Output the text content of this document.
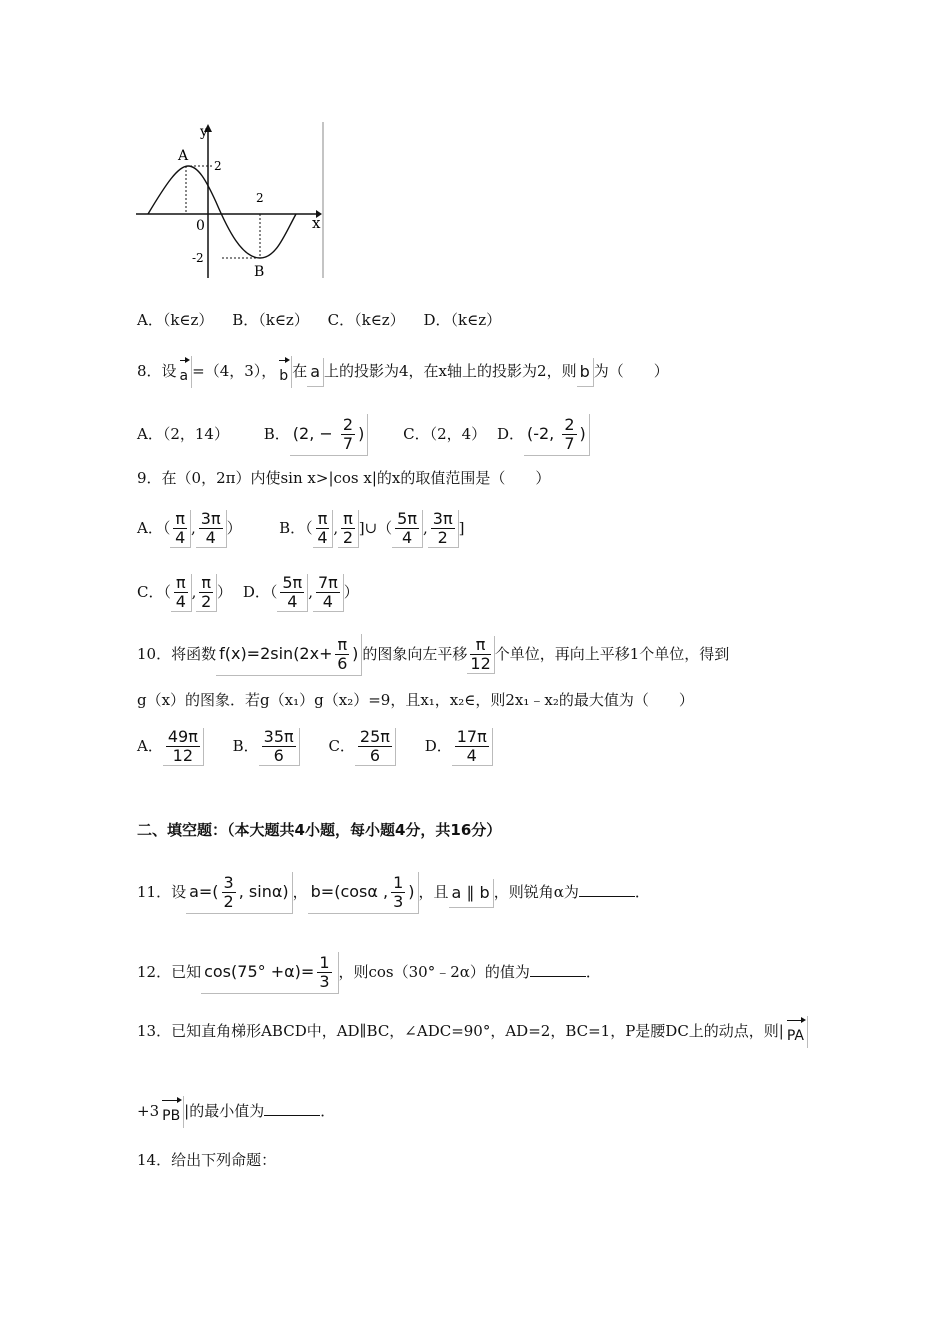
y
x
A
2
0
2
-2
B
A．（k∈z） B．（k∈z） C．（k∈z） D．（k∈z）
8．设 a =（4，3）， b 在 a 上的投影为4，在x轴上的投影为2，则 b 为（　　）
A．（2，14） B． (2, − $\frac{2}{7}$ )	C．（2，4） D． (-2, $\frac{2}{7}$ )
9．在（0，2π）内使sin x>|cos x|的x的取值范围是（　　）
A．（ $\frac{\pi}{4}$ , $\frac{3\pi}{4}$ ）	B．（ $\frac{\pi}{4}$ , $\frac{\pi}{2}$ ]∪（ $\frac{5\pi}{4}$ , $\frac{3\pi}{2}$ ]
C．（ $\frac{\pi}{4}$ , $\frac{\pi}{2}$ ） D．（ $\frac{5\pi}{4}$ , $\frac{7\pi}{4}$ ）
10．将函数 $f(x)=2\sin(2x+ \frac{\pi}{6}$ ) 的图象向左平移 $\frac{\pi}{12}$ 个单位，再向上平移1个单位，得到
g（x）的图象．若g（x₁）g（x₂）=9，且x₁，x₂∈，则2x₁﹣x₂的最大值为（　　）
A． $\frac{49\pi}{12}$ B． $\frac{35\pi}{6}$ C． $\frac{25\pi}{6}$ D． $\frac{17\pi}{4}$
二、填空题：（本大题共4小题，每小题4分，共16分）
11．设 $a=( \frac{3}{2}$ , sinα) ， b=(cosα , $\frac{1}{3}$ ) ，且 a ∥ b ，则锐角α为	．
12．已知 $\cos(75^\circ +\alpha)= \frac{1}{3}$ ，则cos（30°﹣2α）的值为	．
13．已知直角梯形ABCD中，AD∥BC，∠ADC=90°，AD=2，BC=1，P是腰DC上的动点，则| PA
+3 PB |的最小值为	．
14．给出下列命题：
